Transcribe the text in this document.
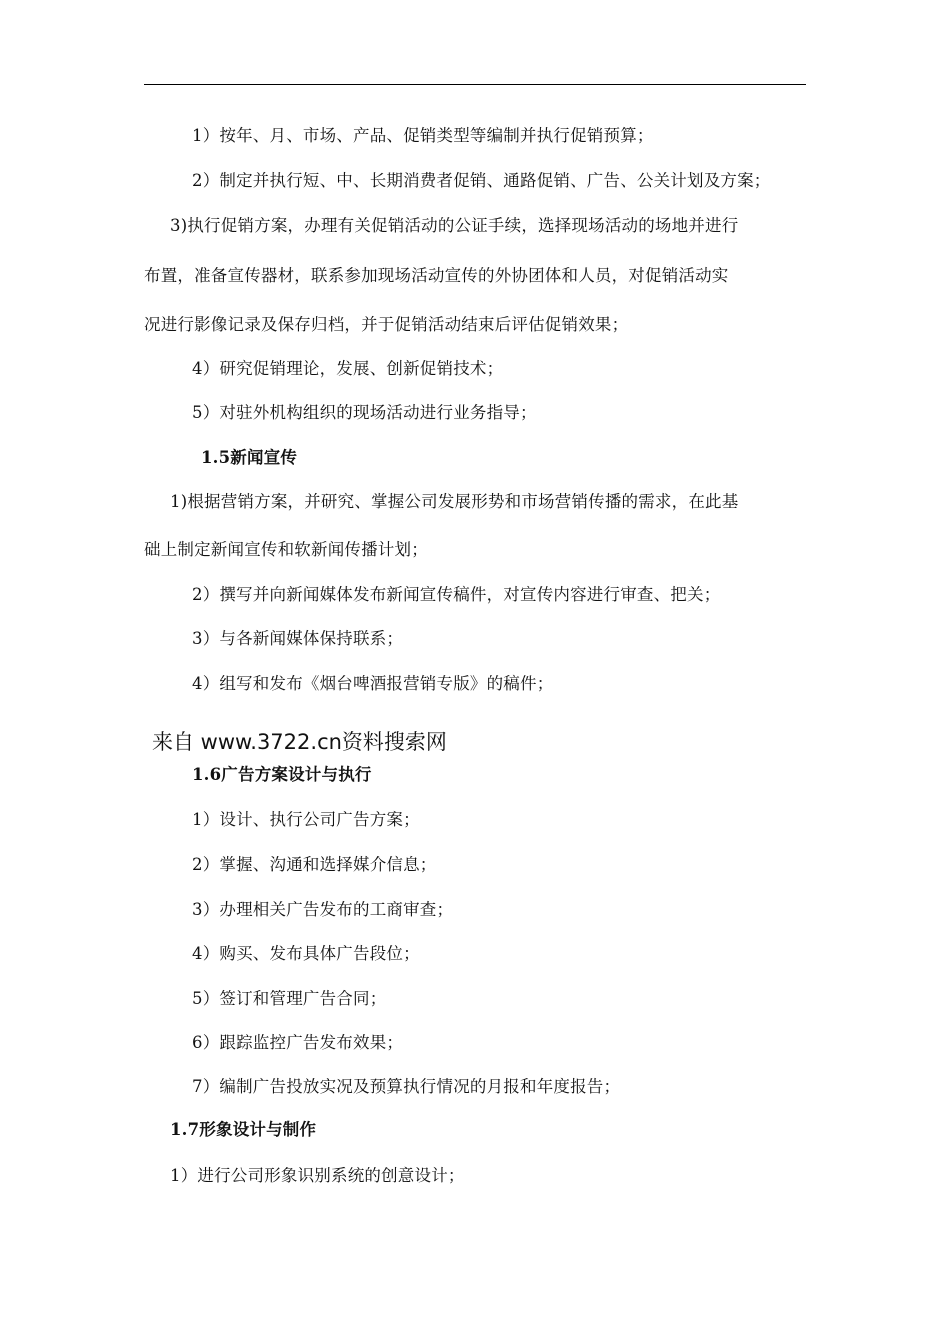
1）按年、月、市场、产品、促销类型等编制并执行促销预算；

2）制定并执行短、中、长期消费者促销、通路促销、广告、公关计划及方案；

3)执行促销方案，办理有关促销活动的公证手续，选择现场活动的场地并进行

布置，准备宣传器材，联系参加现场活动宣传的外协团体和人员，对促销活动实

况进行影像记录及保存归档，并于促销活动结束后评估促销效果；

4）研究促销理论，发展、创新促销技术；

5）对驻外机构组织的现场活动进行业务指导；

1.5新闻宣传

1)根据营销方案，并研究、掌握公司发展形势和市场营销传播的需求，在此基

础上制定新闻宣传和软新闻传播计划；

2）撰写并向新闻媒体发布新闻宣传稿件，对宣传内容进行审查、把关；

3）与各新闻媒体保持联系；

4）组写和发布《烟台啤酒报营销专版》的稿件；

来自 www.3722.cn资料搜索网

1.6广告方案设计与执行

1）设计、执行公司广告方案；

2）掌握、沟通和选择媒介信息；

3）办理相关广告发布的工商审查；

4）购买、发布具体广告段位；

5）签订和管理广告合同；

6）跟踪监控广告发布效果；

7）编制广告投放实况及预算执行情况的月报和年度报告；

1.7形象设计与制作

1）进行公司形象识别系统的创意设计；
